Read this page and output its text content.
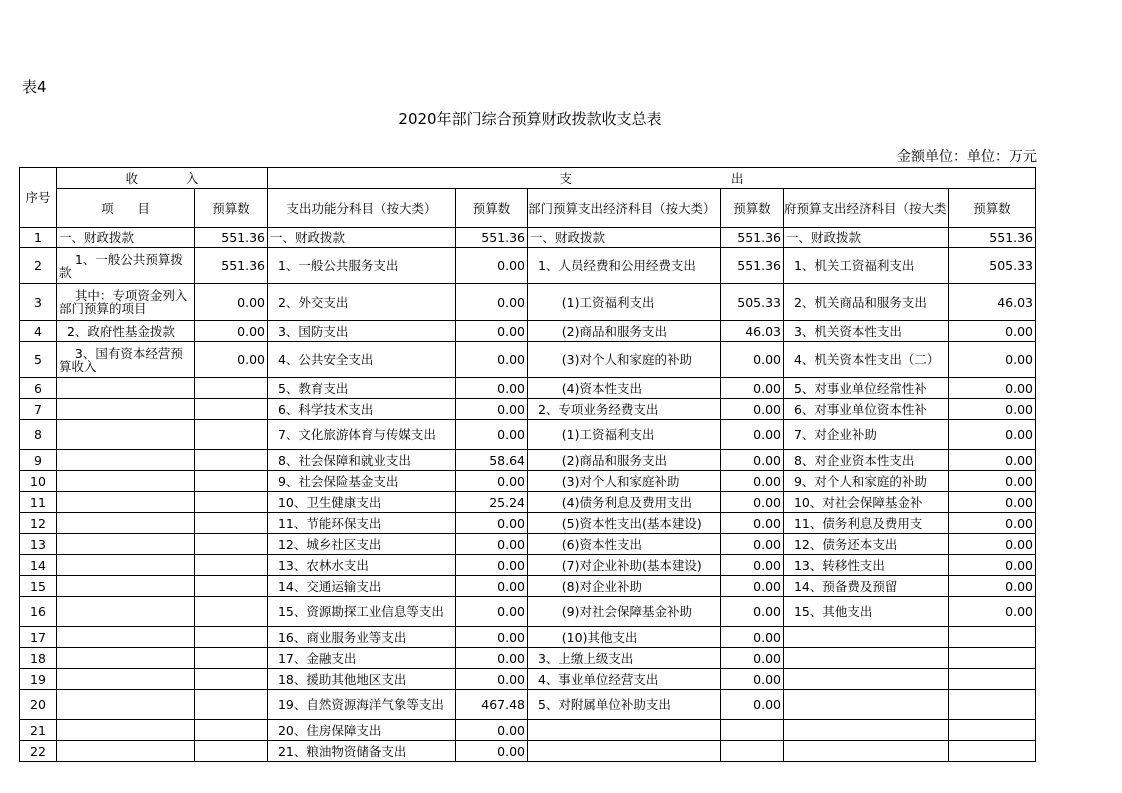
表4
2020年部门综合预算财政拨款收支总表
金额单位：单位：万元
序号	收            入		支                                        出					
	项      目	预算数	支出功能分科目（按大类）	预算数	部门预算支出经济科目（按大类）	预算数	府预算支出经济科目（按大类	预算数
1	一、财政拨款	551.36	一、财政拨款	551.36	一、财政拨款	551.36	一、财政拨款	551.36
2	1、一般公共预算拨款	551.36	1、一般公共服务支出	0.00	1、人员经费和公用经费支出	551.36	1、机关工资福利支出	505.33
3	其中：专项资金列入部门预算的项目	0.00	2、外交支出	0.00	(1)工资福利支出	505.33	2、机关商品和服务支出	46.03
4	2、政府性基金拨款	0.00	3、国防支出	0.00	(2)商品和服务支出	46.03	3、机关资本性支出	0.00
5	3、国有资本经营预算收入	0.00	4、公共安全支出	0.00	(3)对个人和家庭的补助	0.00	4、机关资本性支出（二）	0.00
6			5、教育支出	0.00	(4)资本性支出	0.00	5、对事业单位经常性补	0.00
7			6、科学技术支出	0.00	2、专项业务经费支出	0.00	6、对事业单位资本性补	0.00
8			7、文化旅游体育与传媒支出	0.00	(1)工资福利支出	0.00	7、对企业补助	0.00
9			8、社会保障和就业支出	58.64	(2)商品和服务支出	0.00	8、对企业资本性支出	0.00
10			9、社会保险基金支出	0.00	(3)对个人和家庭补助	0.00	9、对个人和家庭的补助	0.00
11			10、卫生健康支出	25.24	(4)债务利息及费用支出	0.00	10、对社会保障基金补	0.00
12			11、节能环保支出	0.00	(5)资本性支出(基本建设)	0.00	11、债务利息及费用支	0.00
13			12、城乡社区支出	0.00	(6)资本性支出	0.00	12、债务还本支出	0.00
14			13、农林水支出	0.00	(7)对企业补助(基本建设)	0.00	13、转移性支出	0.00
15			14、交通运输支出	0.00	(8)对企业补助	0.00	14、预备费及预留	0.00
16			15、资源勘探工业信息等支出	0.00	(9)对社会保障基金补助	0.00	15、其他支出	0.00
17			16、商业服务业等支出	0.00	(10)其他支出	0.00		
18			17、金融支出	0.00	3、上缴上级支出	0.00		
19			18、援助其他地区支出	0.00	4、事业单位经营支出	0.00		
20			19、自然资源海洋气象等支出	467.48	5、对附属单位补助支出	0.00		
21			20、住房保障支出	0.00				
22			21、粮油物资储备支出	0.00				
